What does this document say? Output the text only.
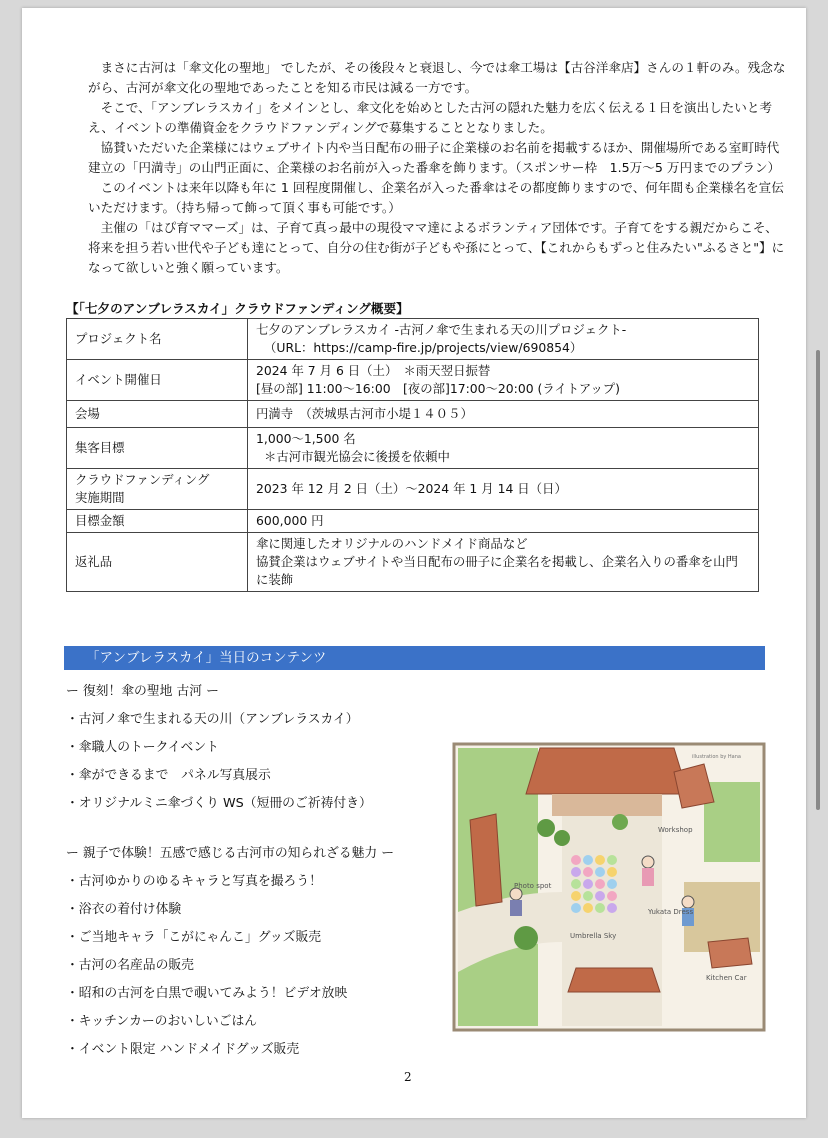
まさに古河は「傘文化の聖地」 でしたが、その後段々と衰退し、今では傘工場は【古谷洋傘店】さんの１軒のみ。残念ながら、古河が傘文化の聖地であったことを知る市民は減る一方です。

そこで、「アンブレラスカイ」をメインとし、傘文化を始めとした古河の隠れた魅力を広く伝える１日を演出したいと考え、イベントの準備資金をクラウドファンディングで募集することとなりました。

協賛いただいた企業様にはウェブサイト内や当日配布の冊子に企業様のお名前を掲載するほか、開催場所である室町時代建立の「円満寺」の山門正面に、企業様のお名前が入った番傘を飾ります。（スポンサー枠　1.5万～5 万円までのプラン）

このイベントは来年以降も年に 1 回程度開催し、企業名が入った番傘はその都度飾りますので、何年間も企業様名を宣伝いただけます。（持ち帰って飾って頂く事も可能です。）

主催の「はぴ育ママーズ」は、子育て真っ最中の現役ママ達によるボランティア団体です。子育てをする親だからこそ、将来を担う若い世代や子ども達にとって、自分の住む街が子どもや孫にとって、【これからもずっと住みたい"ふるさと"】になって欲しいと強く願っています。

【「七夕のアンブレラスカイ」クラウドファンディング概要】
プロジェクト名	七夕のアンブレラスカイ -古河ノ傘で生まれる天の川プロジェクト-
（URL：https://camp-fire.jp/projects/view/690854）

イベント開催日	2024 年 7 月 6 日（土）　＊雨天翌日振替
[昼の部] 11:00～16:00　[夜の部]17:00～20:00 (ライトアップ)

会場	円満寺　（茨城県古河市小堤１４０５）

集客目標	1,000～1,500 名
＊古河市観光協会に後援を依頼中

クラウドファンディング
実施期間	2023 年 12 月 2 日（土）～2024 年 1 月 14 日（日）

目標金額	600,000 円

返礼品	傘に関連したオリジナルのハンドメイド商品など
協賛企業はウェブサイトや当日配布の冊子に企業名を掲載し、企業名入りの番傘を山門に装飾
「アンブレラスカイ」当日のコンテンツ
ー 復刻！傘の聖地 古河 ー
・古河ノ傘で生まれる天の川（アンブレラスカイ）
・傘職人のトークイベント
・傘ができるまで　パネル写真展示
・オリジナルミニ傘づくり WS（短冊のご祈祷付き）
ー 親子で体験！五感で感じる古河市の知られざる魅力 ー
・古河ゆかりのゆるキャラと写真を撮ろう！
・浴衣の着付け体験
・ご当地キャラ「こがにゃんこ」グッズ販売
・古河の名産品の販売
・昭和の古河を白黒で覗いてみよう！ビデオ放映
・キッチンカーのおいしいごはん
・イベント限定 ハンドメイドグッズ販売
Photo spot
Umbrella Sky
Workshop
Yukata Dress
Kitchen Car
illustration by Hana
2
